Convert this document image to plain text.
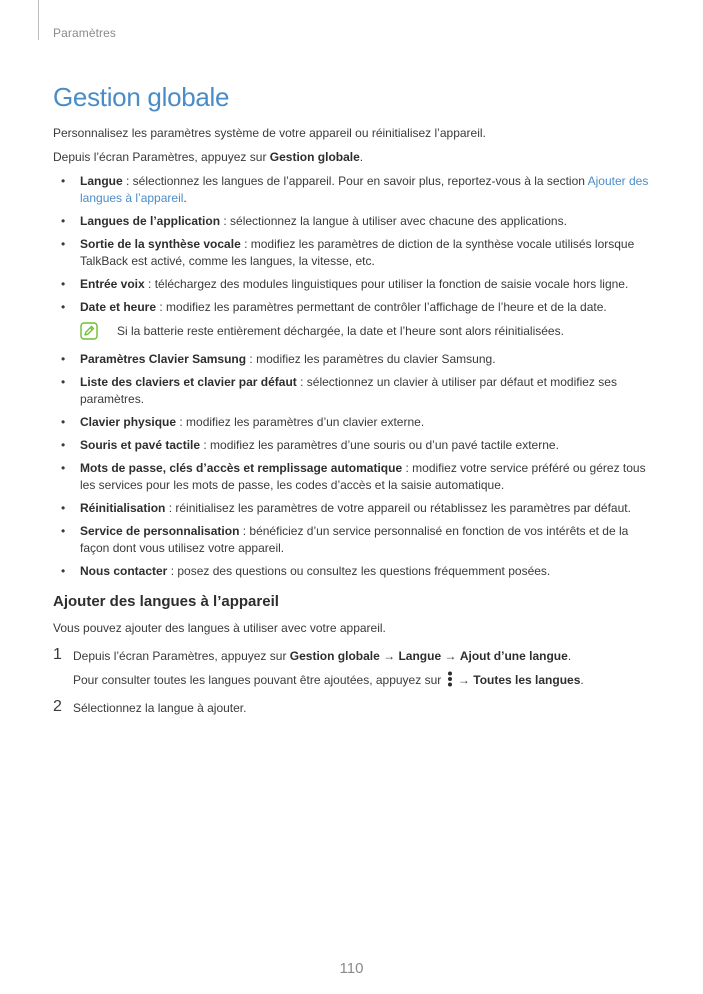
Paramètres
Gestion globale

Personnalisez les paramètres système de votre appareil ou réinitialisez l’appareil.

Depuis l’écran Paramètres, appuyez sur Gestion globale.

• Langue : sélectionnez les langues de l’appareil. Pour en savoir plus, reportez-vous à la section Ajouter des langues à l’appareil.
• Langues de l’application : sélectionnez la langue à utiliser avec chacune des applications.
• Sortie de la synthèse vocale : modifiez les paramètres de diction de la synthèse vocale utilisés lorsque TalkBack est activé, comme les langues, la vitesse, etc.
• Entrée voix : téléchargez des modules linguistiques pour utiliser la fonction de saisie vocale hors ligne.
• Date et heure : modifiez les paramètres permettant de contrôler l’affichage de l’heure et de la date.
Si la batterie reste entièrement déchargée, la date et l’heure sont alors réinitialisées.
• Paramètres Clavier Samsung : modifiez les paramètres du clavier Samsung.
• Liste des claviers et clavier par défaut : sélectionnez un clavier à utiliser par défaut et modifiez ses paramètres.
• Clavier physique : modifiez les paramètres d’un clavier externe.
• Souris et pavé tactile : modifiez les paramètres d’une souris ou d’un pavé tactile externe.
• Mots de passe, clés d’accès et remplissage automatique : modifiez votre service préféré ou gérez tous les services pour les mots de passe, les codes d’accès et la saisie automatique.
• Réinitialisation : réinitialisez les paramètres de votre appareil ou rétablissez les paramètres par défaut.
• Service de personnalisation : bénéficiez d’un service personnalisé en fonction de vos intérêts et de la façon dont vous utilisez votre appareil.
• Nous contacter : posez des questions ou consultez les questions fréquemment posées.
Ajouter des langues à l’appareil

Vous pouvez ajouter des langues à utiliser avec votre appareil.

1 Depuis l’écran Paramètres, appuyez sur Gestion globale → Langue → Ajout d’une langue.
Pour consulter toutes les langues pouvant être ajoutées, appuyez sur  → Toutes les langues.
2 Sélectionnez la langue à ajouter.
110
